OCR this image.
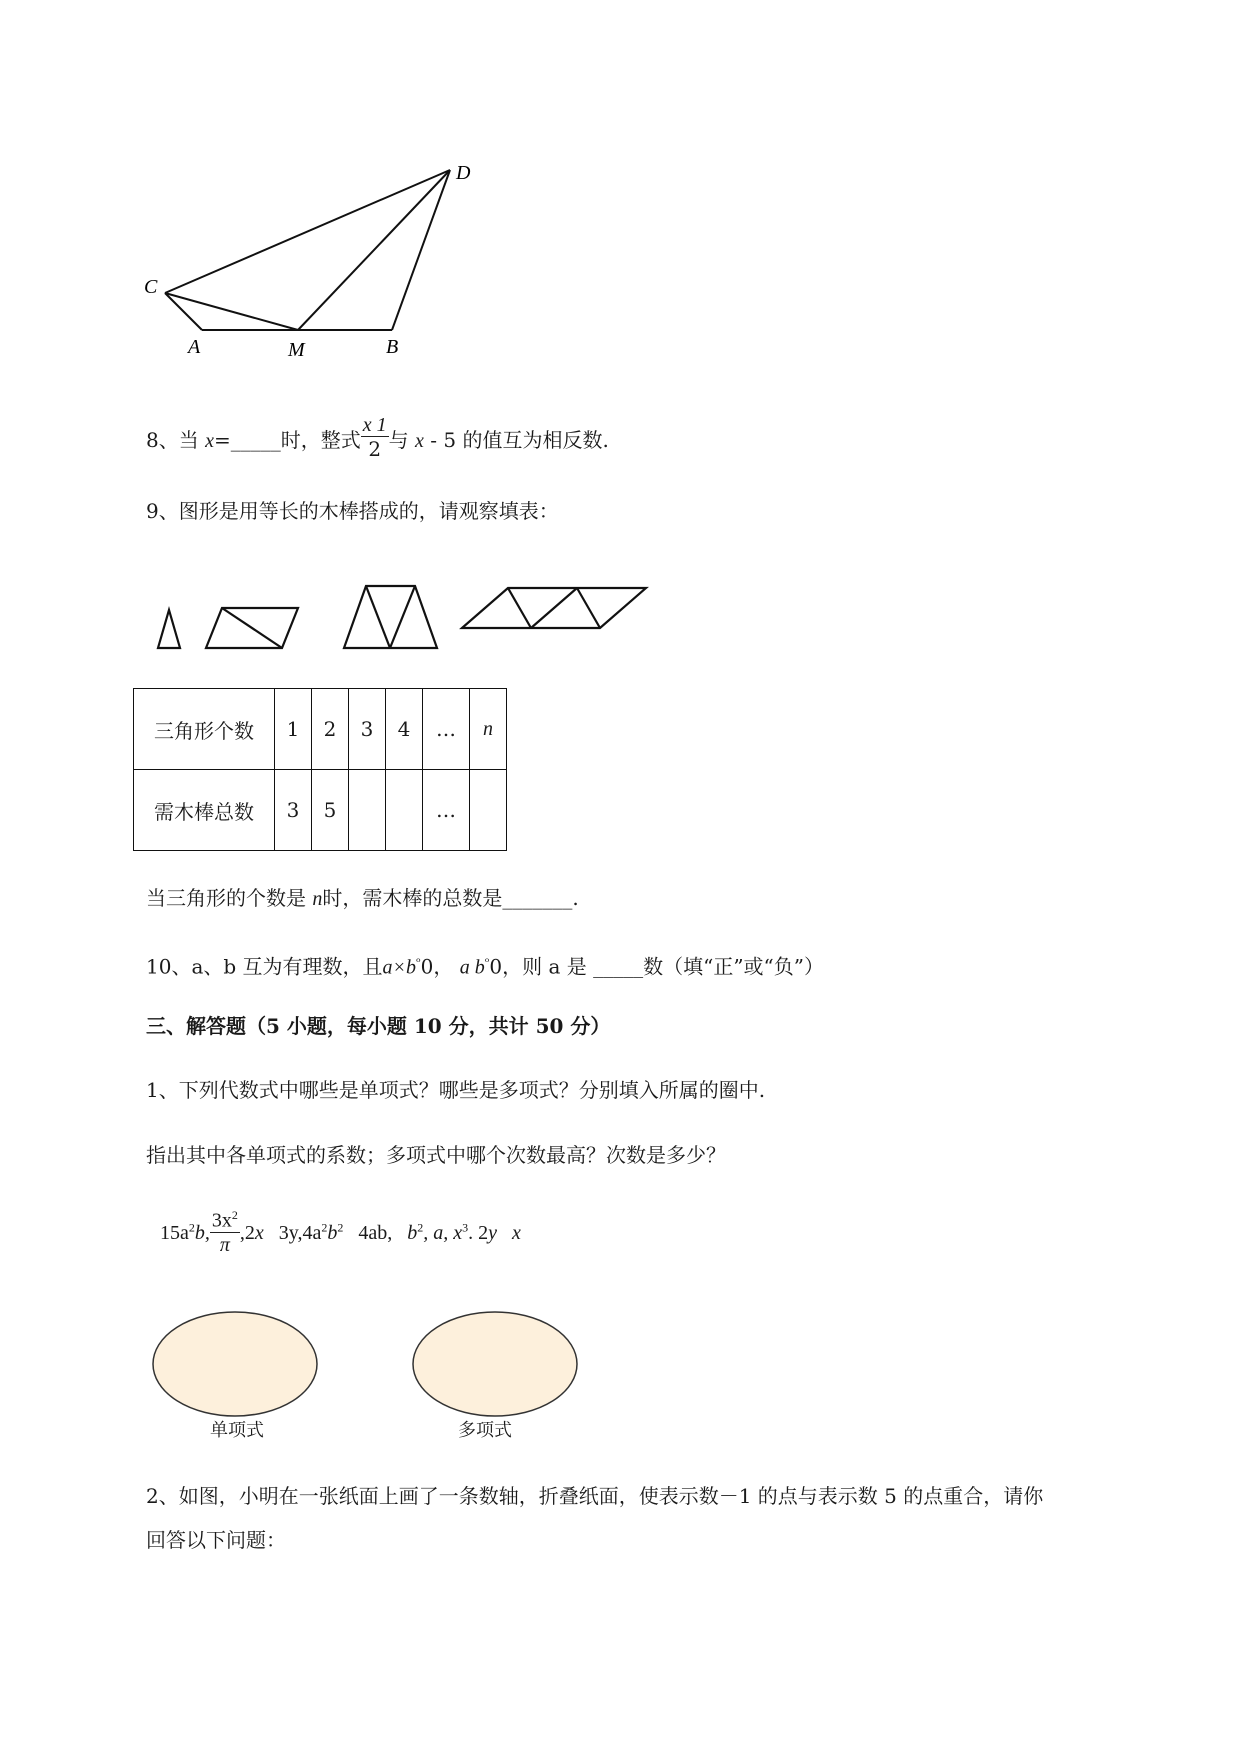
C
D
A	M	B
8、当 x=_____时，整式 $\frac{x 1}{2}$ 与 x - 5 的值互为相反数.
9、图形是用等长的木棒搭成的，请观察填表：
三角形个数	1	2	3	4	…	n
需木棒总数	3	5			…	
当三角形的个数是 n时，需木棒的总数是_______.
10、a、b 互为有理数，且$a\times b^ᵒ0$， a $b^ᵒ0$，则 a 是 _____数（填“正”或“负”）
三、解答题（5 小题，每小题 10 分，共计 50 分）
1、下列代数式中哪些是单项式？哪些是多项式？分别填入所属的圈中.
指出其中各单项式的系数；多项式中哪个次数最高？次数是多少？
$15a^2b$, $\frac{3x^2}{\pi} ,2x$ $3y,4a^2b^2$ 4ab, $b^2$, a, $x^3$. 2y x
单项式	多项式
2、如图，小明在一张纸面上画了一条数轴，折叠纸面，使表示数－1 的点与表示数 5 的点重合，请你
回答以下问题：
